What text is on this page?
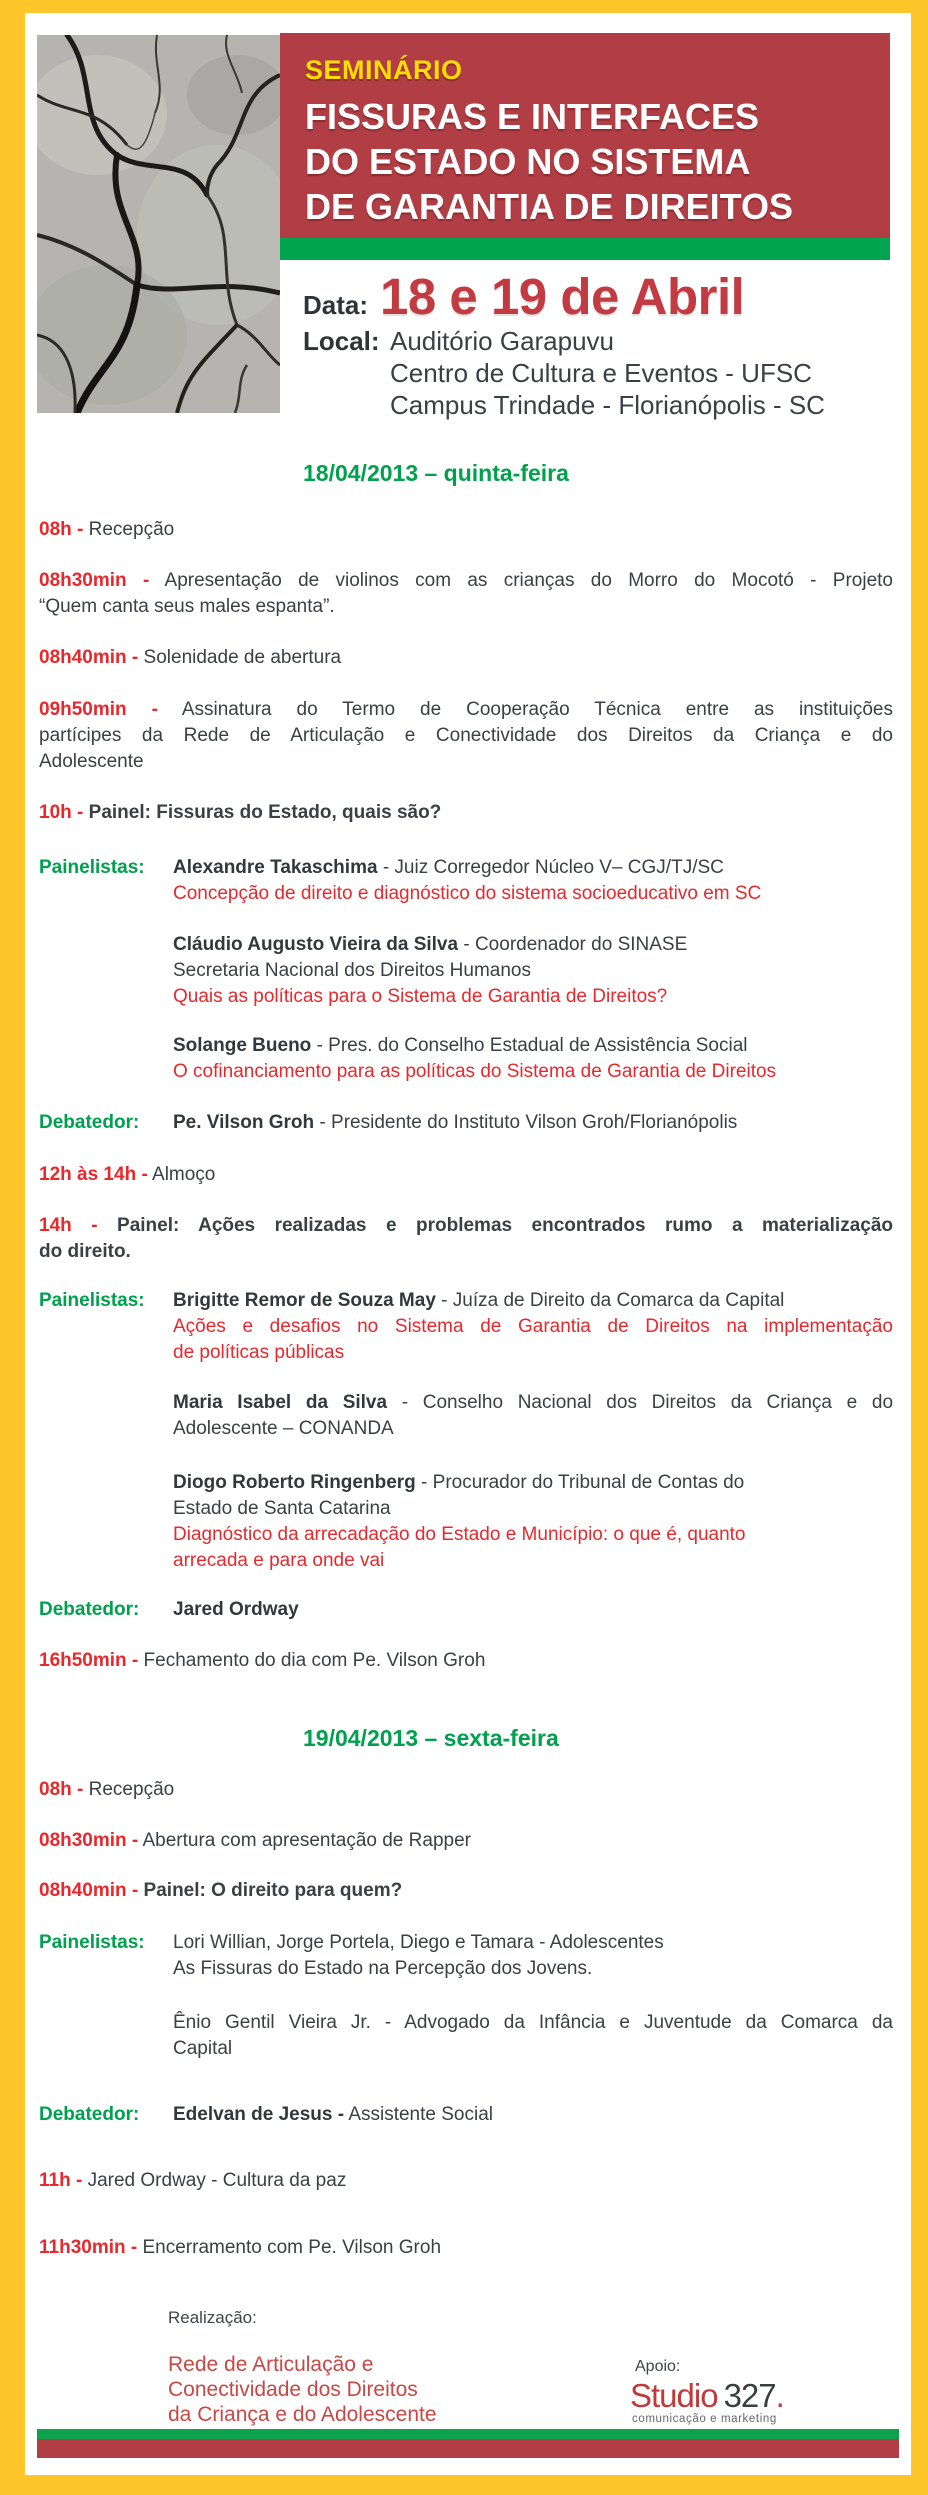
SEMINÁRIO
FISSURAS E INTERFACES
DO ESTADO NO SISTEMA
DE GARANTIA DE DIREITOS
Data: 18 e 19 de Abril
Local: Auditório Garapuvu
Centro de Cultura e Eventos - UFSC
Campus Trindade - Florianópolis - SC
18/04/2013 – quinta-feira
08h - Recepção
08h30min - Apresentação de violinos com as crianças do Morro do Mocotó - Projeto
“Quem canta seus males espanta”.
08h40min - Solenidade de abertura
09h50min - Assinatura do Termo de Cooperação Técnica entre as instituições
partícipes da Rede de Articulação e Conectividade dos Direitos da Criança e do
Adolescente
10h - Painel: Fissuras do Estado, quais são?
Painelistas: Alexandre Takaschima - Juiz Corregedor Núcleo V– CGJ/TJ/SC
Concepção de direito e diagnóstico do sistema socioeducativo em SC
Cláudio Augusto Vieira da Silva - Coordenador do SINASE
Secretaria Nacional dos Direitos Humanos
Quais as políticas para o Sistema de Garantia de Direitos?
Solange Bueno - Pres. do Conselho Estadual de Assistência Social
O cofinanciamento para as políticas do Sistema de Garantia de Direitos
Debatedor: Pe. Vilson Groh - Presidente do Instituto Vilson Groh/Florianópolis
12h às 14h - Almoço
14h - Painel: Ações realizadas e problemas encontrados rumo a materialização
do direito.
Painelistas: Brigitte Remor de Souza May - Juíza de Direito da Comarca da Capital
Ações e desafios no Sistema de Garantia de Direitos na implementação
de políticas públicas
Maria Isabel da Silva - Conselho Nacional dos Direitos da Criança e do
Adolescente – CONANDA
Diogo Roberto Ringenberg - Procurador do Tribunal de Contas do
Estado de Santa Catarina
Diagnóstico da arrecadação do Estado e Município: o que é, quanto
arrecada e para onde vai
Debatedor: Jared Ordway
16h50min - Fechamento do dia com Pe. Vilson Groh
19/04/2013 – sexta-feira
08h - Recepção
08h30min - Abertura com apresentação de Rapper
08h40min - Painel: O direito para quem?
Painelistas: Lori Willian, Jorge Portela, Diego e Tamara - Adolescentes
As Fissuras do Estado na Percepção dos Jovens.
Ênio Gentil Vieira Jr. - Advogado da Infância e Juventude da Comarca da
Capital
Debatedor: Edelvan de Jesus - Assistente Social
11h - Jared Ordway - Cultura da paz
11h30min - Encerramento com Pe. Vilson Groh
Realização:
Rede de Articulação e
Conectividade dos Direitos
da Criança e do Adolescente
Apoio:
Studio 327.
comunicação e marketing
